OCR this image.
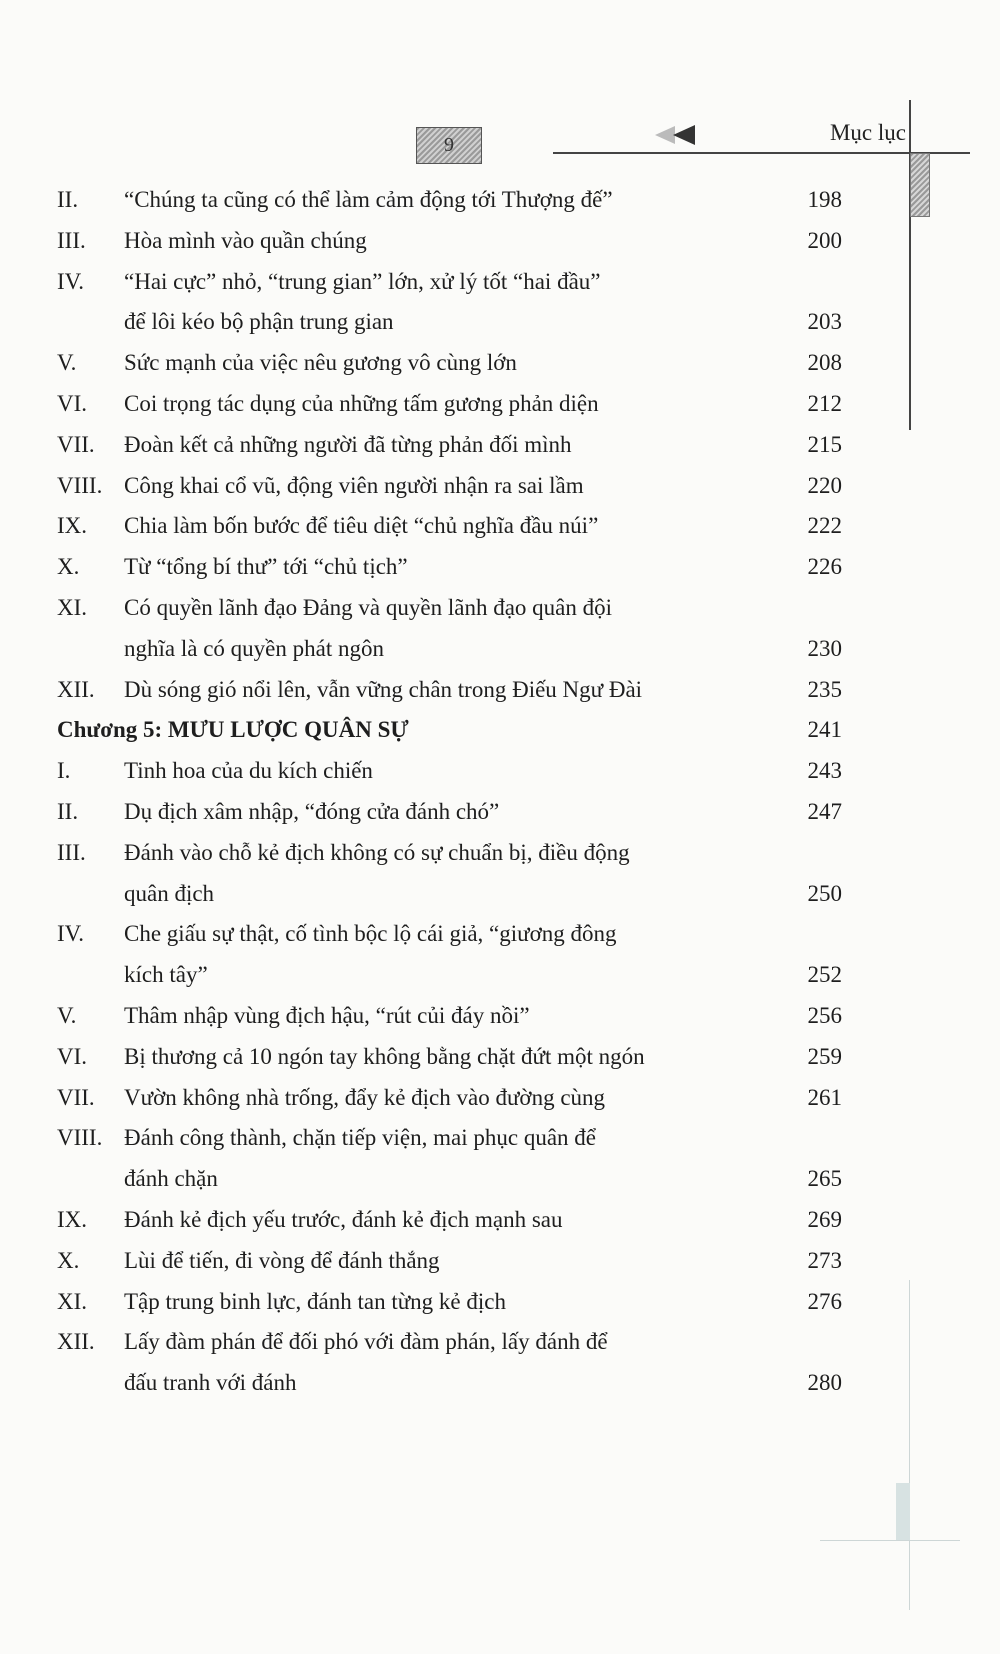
9	Mục lục
II. “Chúng ta cũng có thể làm cảm động tới Thượng đế”	198
III. Hòa mình vào quần chúng	200
IV. “Hai cực” nhỏ, “trung gian” lớn, xử lý tốt “hai đầu”
để lôi kéo bộ phận trung gian	203
V. Sức mạnh của việc nêu gương vô cùng lớn	208
VI. Coi trọng tác dụng của những tấm gương phản diện	212
VII. Đoàn kết cả những người đã từng phản đối mình	215
VIII. Công khai cổ vũ, động viên người nhận ra sai lầm	220
IX. Chia làm bốn bước để tiêu diệt “chủ nghĩa đầu núi”	222
X. Từ “tổng bí thư” tới “chủ tịch”	226
XI. Có quyền lãnh đạo Đảng và quyền lãnh đạo quân đội
nghĩa là có quyền phát ngôn	230
XII. Dù sóng gió nổi lên, vẫn vững chân trong Điếu Ngư Đài	235
Chương 5: MƯU LƯỢC QUÂN SỰ	241
I. Tinh hoa của du kích chiến	243
II. Dụ địch xâm nhập, “đóng cửa đánh chó”	247
III. Đánh vào chỗ kẻ địch không có sự chuẩn bị, điều động
quân địch	250
IV. Che giấu sự thật, cố tình bộc lộ cái giả, “giương đông
kích tây”	252
V. Thâm nhập vùng địch hậu, “rút củi đáy nồi”	256
VI. Bị thương cả 10 ngón tay không bằng chặt đứt một ngón	259
VII. Vườn không nhà trống, đẩy kẻ địch vào đường cùng	261
VIII. Đánh công thành, chặn tiếp viện, mai phục quân để
đánh chặn	265
IX. Đánh kẻ địch yếu trước, đánh kẻ địch mạnh sau	269
X. Lùi để tiến, đi vòng để đánh thắng	273
XI. Tập trung binh lực, đánh tan từng kẻ địch	276
XII. Lấy đàm phán để đối phó với đàm phán, lấy đánh để
đấu tranh với đánh	280
